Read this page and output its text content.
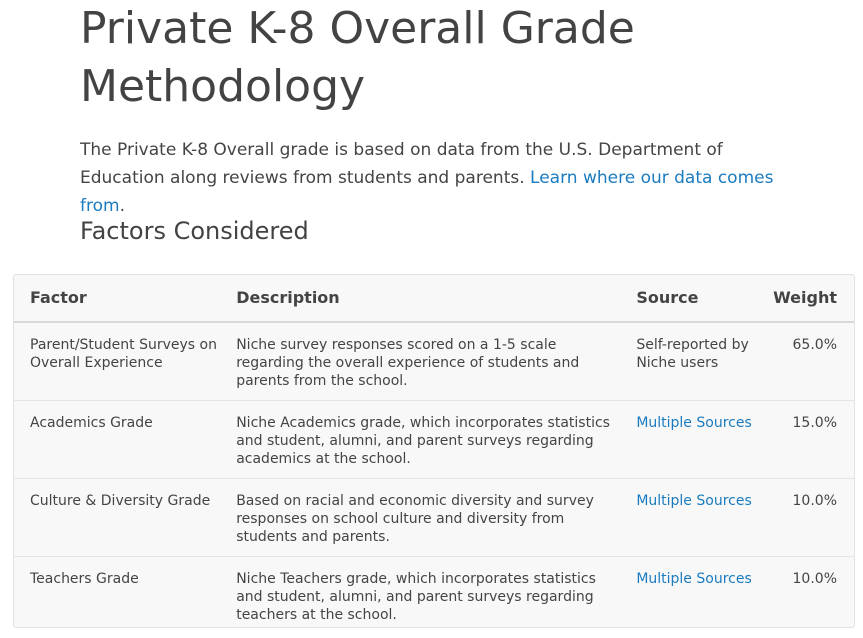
Private K-8 Overall Grade Methodology

The Private K-8 Overall grade is based on data from the U.S. Department of Education along reviews from students and parents. Learn where our data comes from.

Factors Considered
Factor	Description	Source	Weight
Parent/Student Surveys on Overall Experience	Niche survey responses scored on a 1-5 scale regarding the overall experience of students and parents from the school.	Self-reported by Niche users	65.0%
Academics Grade	Niche Academics grade, which incorporates statistics and student, alumni, and parent surveys regarding academics at the school.	Multiple Sources	15.0%
Culture & Diversity Grade	Based on racial and economic diversity and survey responses on school culture and diversity from students and parents.	Multiple Sources	10.0%
Teachers Grade	Niche Teachers grade, which incorporates statistics and student, alumni, and parent surveys regarding teachers at the school.	Multiple Sources	10.0%
